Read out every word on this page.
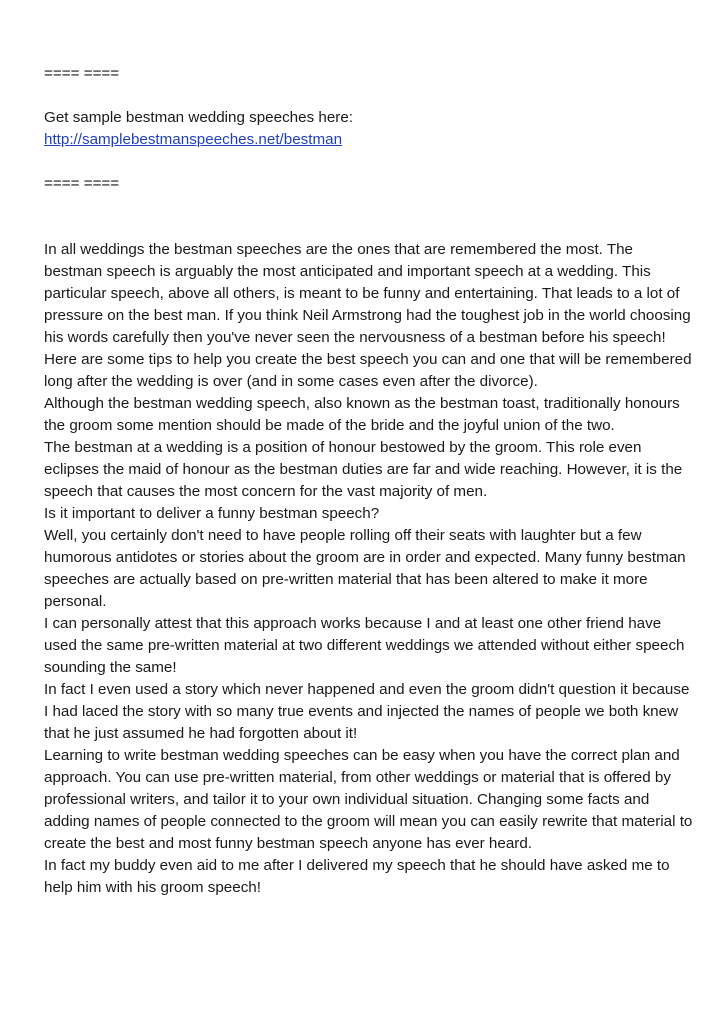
==== ====

Get sample bestman wedding speeches here:

http://samplebestmanspeeches.net/bestman

==== ====

In all weddings the bestman speeches are the ones that are remembered the most. The bestman speech is arguably the most anticipated and important speech at a wedding. This particular speech, above all others, is meant to be funny and entertaining. That leads to a lot of pressure on the best man. If you think Neil Armstrong had the toughest job in the world choosing his words carefully then you've never seen the nervousness of a bestman before his speech!

Here are some tips to help you create the best speech you can and one that will be remembered long after the wedding is over (and in some cases even after the divorce).

Although the bestman wedding speech, also known as the bestman toast, traditionally honours the groom some mention should be made of the bride and the joyful union of the two.

The bestman at a wedding is a position of honour bestowed by the groom. This role even eclipses the maid of honour as the bestman duties are far and wide reaching. However, it is the speech that causes the most concern for the vast majority of men.

Is it important to deliver a funny bestman speech?

Well, you certainly don't need to have people rolling off their seats with laughter but a few humorous antidotes or stories about the groom are in order and expected. Many funny bestman speeches are actually based on pre-written material that has been altered to make it more personal.

I can personally attest that this approach works because I and at least one other friend have used the same pre-written material at two different weddings we attended without either speech sounding the same!

In fact I even used a story which never happened and even the groom didn't question it because I had laced the story with so many true events and injected the names of people we both knew that he just assumed he had forgotten about it!

Learning to write bestman wedding speeches can be easy when you have the correct plan and approach. You can use pre-written material, from other weddings or material that is offered by professional writers, and tailor it to your own individual situation. Changing some facts and adding names of people connected to the groom will mean you can easily rewrite that material to create the best and most funny bestman speech anyone has ever heard.

In fact my buddy even aid to me after I delivered my speech that he should have asked me to help him with his groom speech!
